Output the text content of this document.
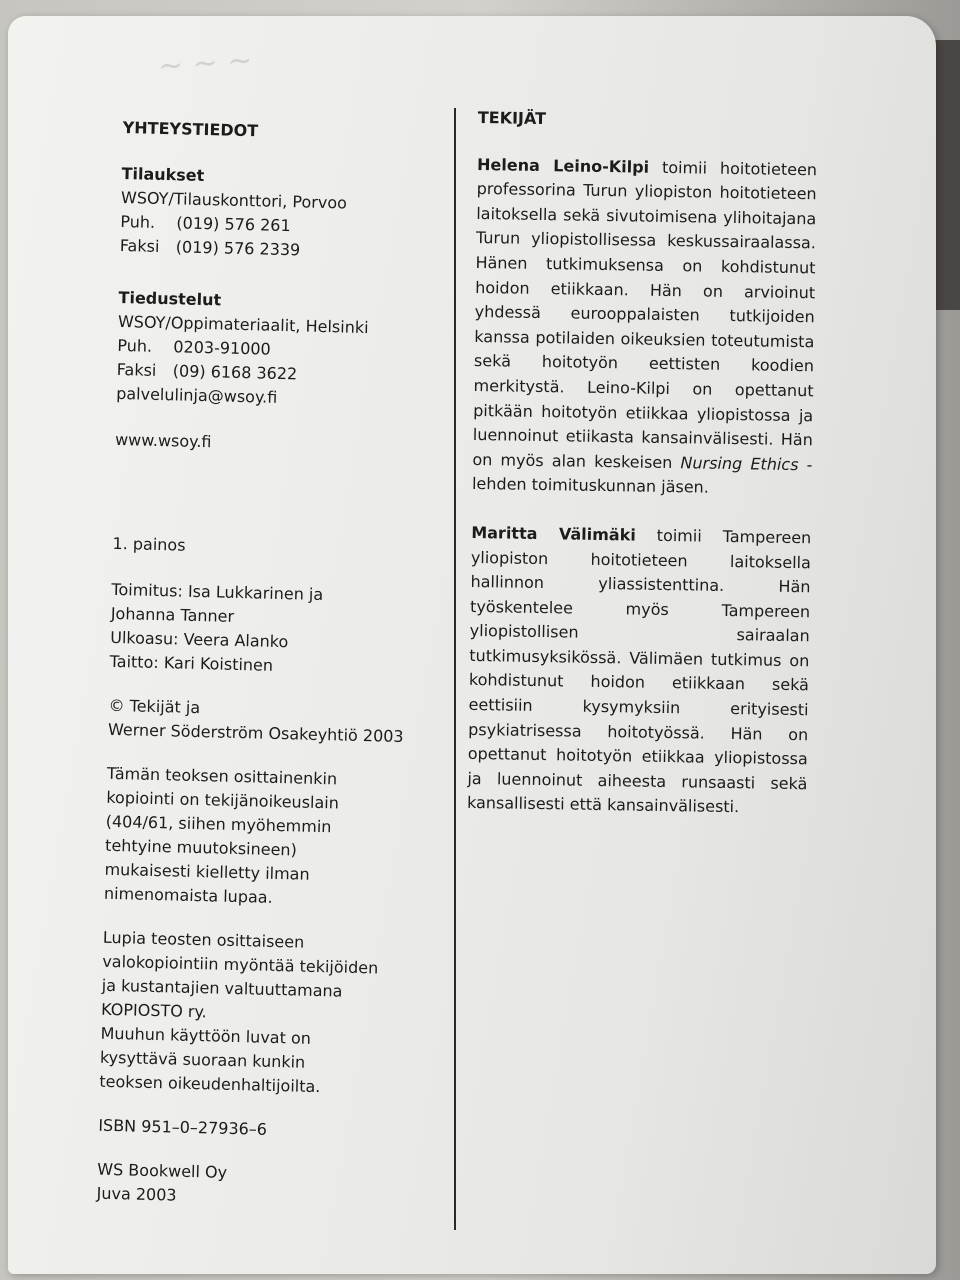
~ ~ ~

YHTEYSTIEDOT

Tilaukset

WSOY/Tilauskonttori, Porvoo

Puh. (019) 576 261

Faksi (019) 576 2339

Tiedustelut

WSOY/Oppimateriaalit, Helsinki

Puh. 0203-91000

Faksi (09) 6168 3622

palvelulinja@wsoy.fi

www.wsoy.fi

1. painos

Toimitus: Isa Lukkarinen ja

Johanna Tanner

Ulkoasu: Veera Alanko

Taitto: Kari Koistinen

© Tekijät ja

Werner Söderström Osakeyhtiö 2003

Tämän teoksen osittainenkin

kopiointi on tekijänoikeuslain

(404/61, siihen myöhemmin

tehtyine muutoksineen)

mukaisesti kielletty ilman

nimenomaista lupaa.

Lupia teosten osittaiseen

valokopiointiin myöntää tekijöiden

ja kustantajien valtuuttamana

KOPIOSTO ry.

Muuhun käyttöön luvat on

kysyttävä suoraan kunkin

teoksen oikeudenhaltijoilta.

ISBN 951–0–27936–6

WS Bookwell Oy

Juva 2003

TEKIJÄT

Helena Leino-Kilpi toimii hoitotieteen professorina Turun yliopiston hoitotieteen laitoksella sekä sivutoimisena ylihoitajana Turun yliopistollisessa keskussairaalassa. Hänen tutkimuksensa on kohdistunut hoidon etiikkaan. Hän on arvioinut yhdessä eurooppalaisten tutkijoiden kanssa potilaiden oikeuksien toteutumista sekä hoitotyön eettisten koodien merkitystä. Leino-Kilpi on opettanut pitkään hoitotyön etiikkaa yliopistossa ja luennoinut etiikasta kansainvälisesti. Hän on myös alan keskeisen Nursing Ethics -lehden toimituskunnan jäsen.

Maritta Välimäki toimii Tampereen yliopiston hoitotieteen laitoksella hallinnon yliassistenttina. Hän työskentelee myös Tampereen yliopistollisen sairaalan tutkimusyksikössä. Välimäen tutkimus on kohdistunut hoidon etiikkaan sekä eettisiin kysymyksiin erityisesti psykiatrisessa hoitotyössä. Hän on opettanut hoitotyön etiikkaa yliopistossa ja luennoinut aiheesta runsaasti sekä kansallisesti että kansainvälisesti.
